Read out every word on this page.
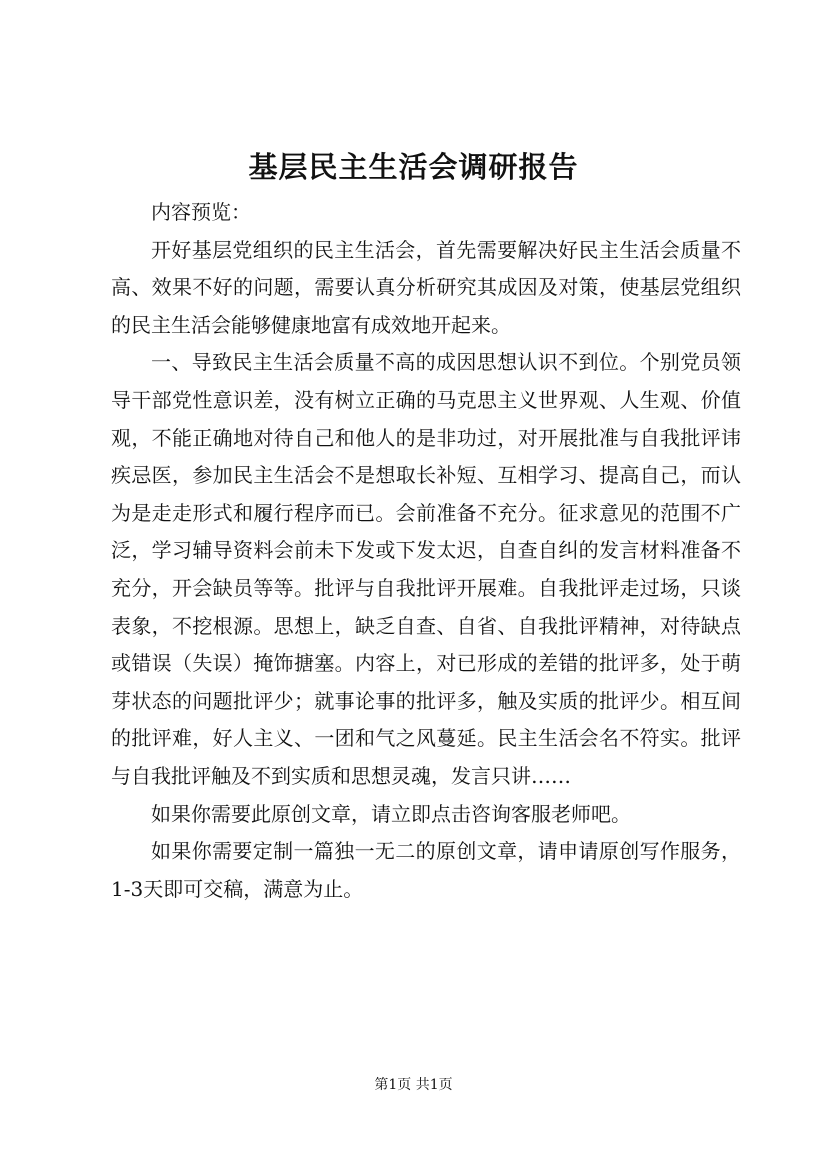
基层民主生活会调研报告

内容预览：

开好基层党组织的民主生活会，首先需要解决好民主生活会质量不高、效果不好的问题，需要认真分析研究其成因及对策，使基层党组织的民主生活会能够健康地富有成效地开起来。

一、导致民主生活会质量不高的成因思想认识不到位。个别党员领导干部党性意识差，没有树立正确的马克思主义世界观、人生观、价值观，不能正确地对待自己和他人的是非功过，对开展批准与自我批评讳疾忌医，参加民主生活会不是想取长补短、互相学习、提高自己，而认为是走走形式和履行程序而已。会前准备不充分。征求意见的范围不广泛，学习辅导资料会前未下发或下发太迟，自查自纠的发言材料准备不充分，开会缺员等等。批评与自我批评开展难。自我批评走过场，只谈表象，不挖根源。思想上，缺乏自查、自省、自我批评精神，对待缺点或错误（失误）掩饰搪塞。内容上，对已形成的差错的批评多，处于萌芽状态的问题批评少；就事论事的批评多，触及实质的批评少。相互间的批评难，好人主义、一团和气之风蔓延。民主生活会名不符实。批评与自我批评触及不到实质和思想灵魂，发言只讲……

如果你需要此原创文章，请立即点击咨询客服老师吧。

如果你需要定制一篇独一无二的原创文章，请申请原创写作服务，1-3天即可交稿，满意为止。

第1页 共1页
